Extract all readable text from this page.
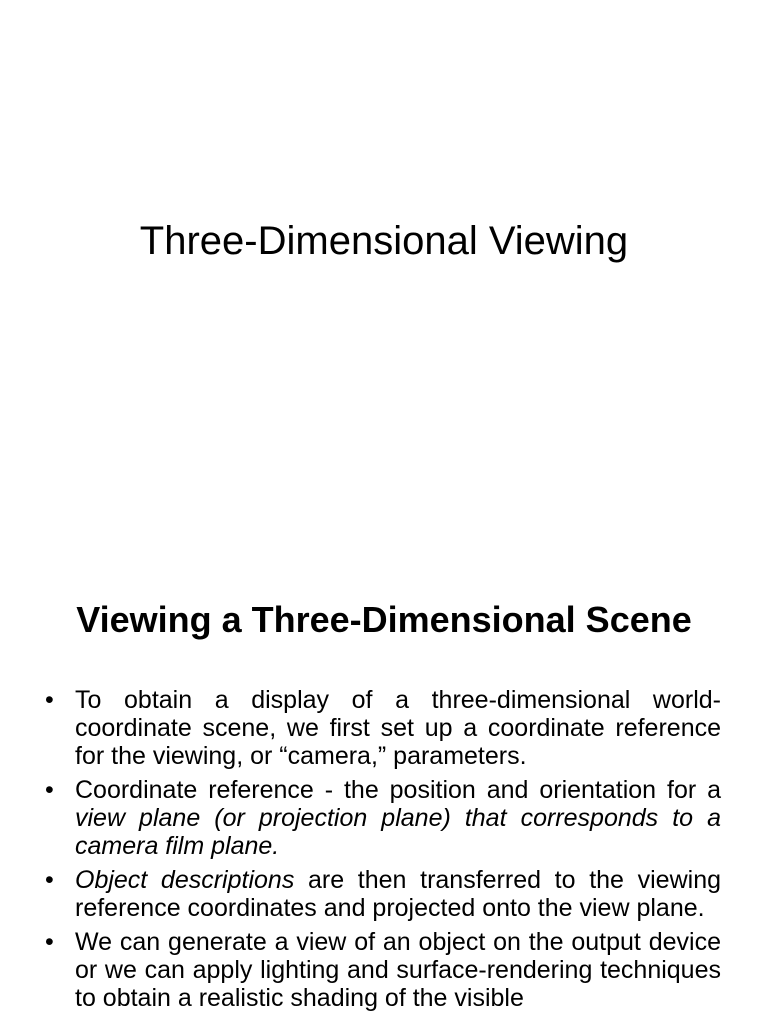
Three-Dimensional Viewing
Viewing a Three-Dimensional Scene
• To obtain a display of a three-dimensional world-coordinate scene, we first set up a coordinate reference for the viewing, or “camera,” parameters.
• Coordinate reference - the position and orientation for a view plane (or projection plane) that corresponds to a camera film plane.
• Object descriptions are then transferred to the viewing reference coordinates and projected onto the view plane.
• We can generate a view of an object on the output device or we can apply lighting and surface-rendering techniques to obtain a realistic shading of the visible
